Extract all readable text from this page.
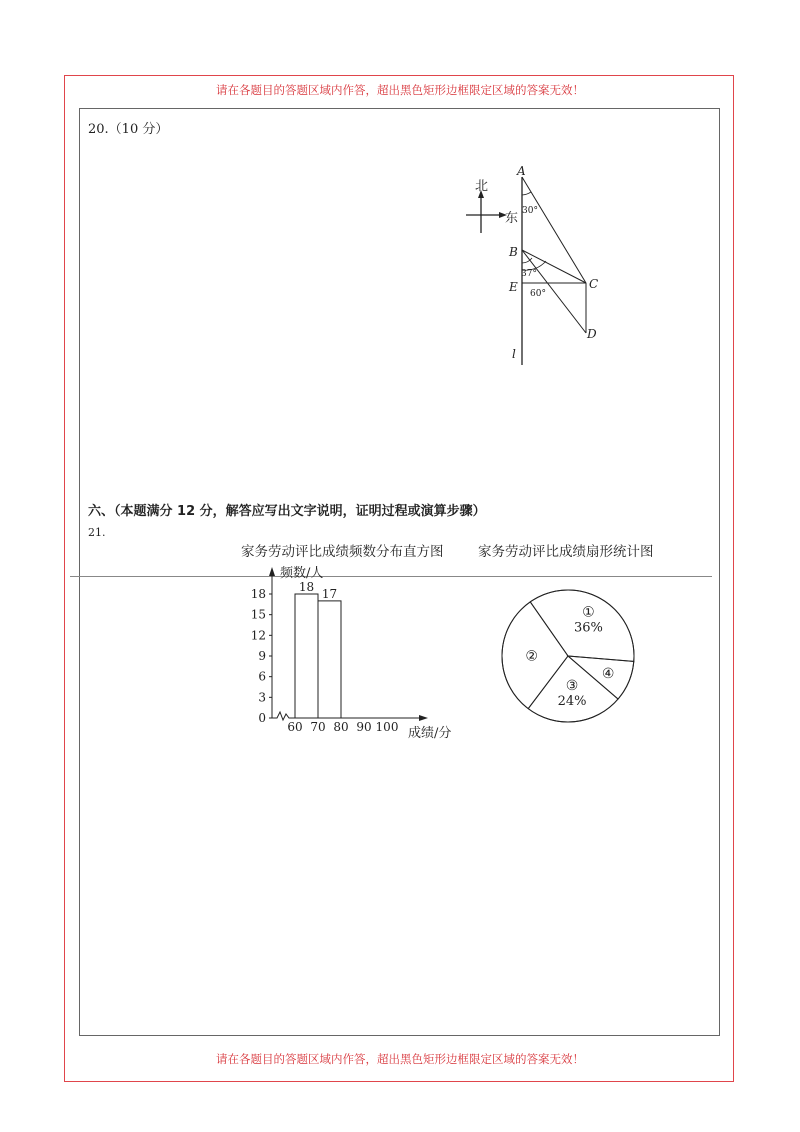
请在各题目的答题区域内作答，超出黑色矩形边框限定区域的答案无效！
请在各题目的答题区域内作答，超出黑色矩形边框限定区域的答案无效！
20.（10 分）
北
东
A
B
C
D
E
l
30°
37°
60°
六、（本题满分 12 分，解答应写出文字说明，证明过程或演算步骤）
21.
家务劳动评比成绩频数分布直方图	家务劳动评比成绩扇形统计图
频数/人
成绩/分
0
3
6
9
12
15
18
60 70 80 90 100
18 17
①
36%
④
③
24%
②
